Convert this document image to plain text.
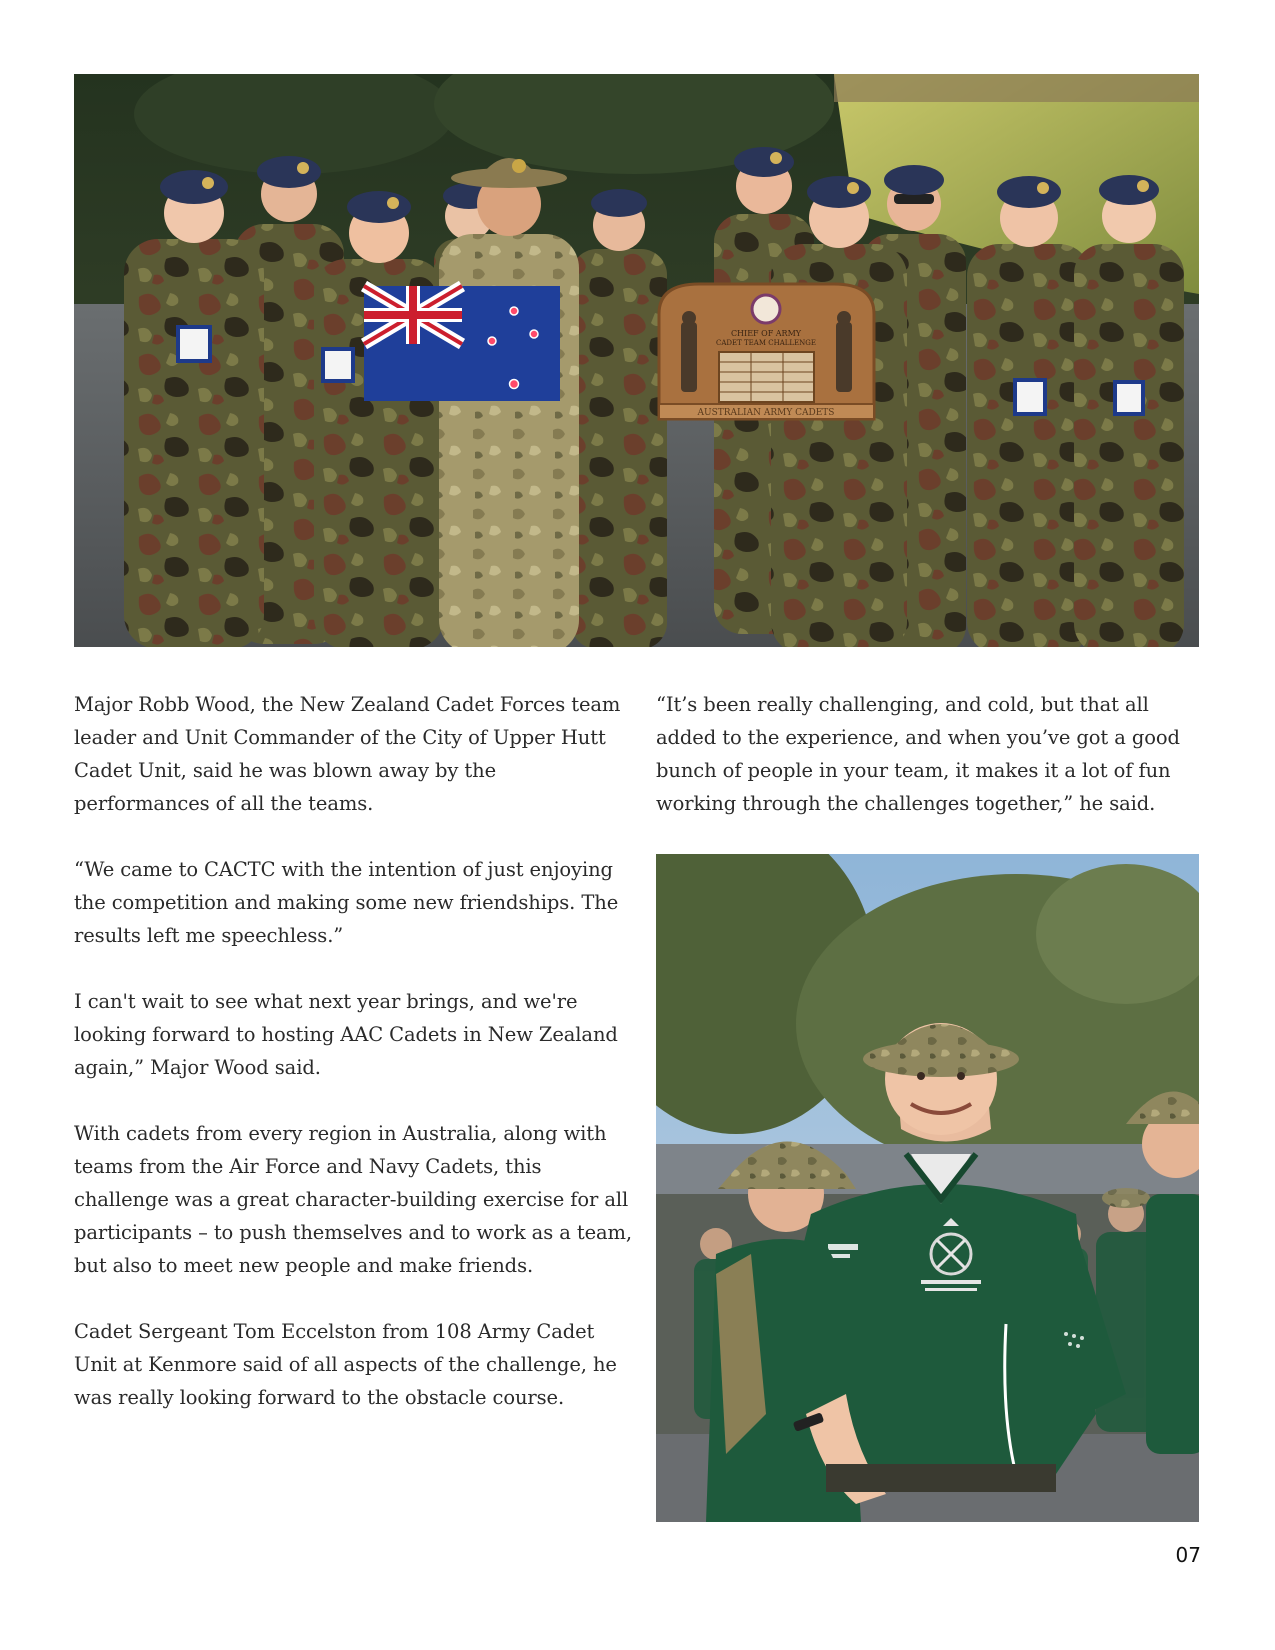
CHIEF OF ARMY
CADET TEAM CHALLENGE
AUSTRALIAN ARMY CADETS

Major Robb Wood, the New Zealand Cadet Forces team leader and Unit Commander of the City of Upper Hutt Cadet Unit, said he was blown away by the performances of all the teams.

“We came to CACTC with the intention of just enjoying the competition and making some new friendships. The results left me speechless.”

I can't wait to see what next year brings, and we're looking forward to hosting AAC Cadets in New Zealand again,” Major Wood said.

With cadets from every region in Australia, along with teams from the Air Force and Navy Cadets, this challenge was a great character-building exercise for all participants – to push themselves and to work as a team, but also to meet new people and make friends.

Cadet Sergeant Tom Eccelston from 108 Army Cadet Unit at Kenmore said of all aspects of the challenge, he was really looking forward to the obstacle course.

“It’s been really challenging, and cold, but that all added to the experience, and when you’ve got a good bunch of people in your team, it makes it a lot of fun working through the challenges together,” he said.

07
